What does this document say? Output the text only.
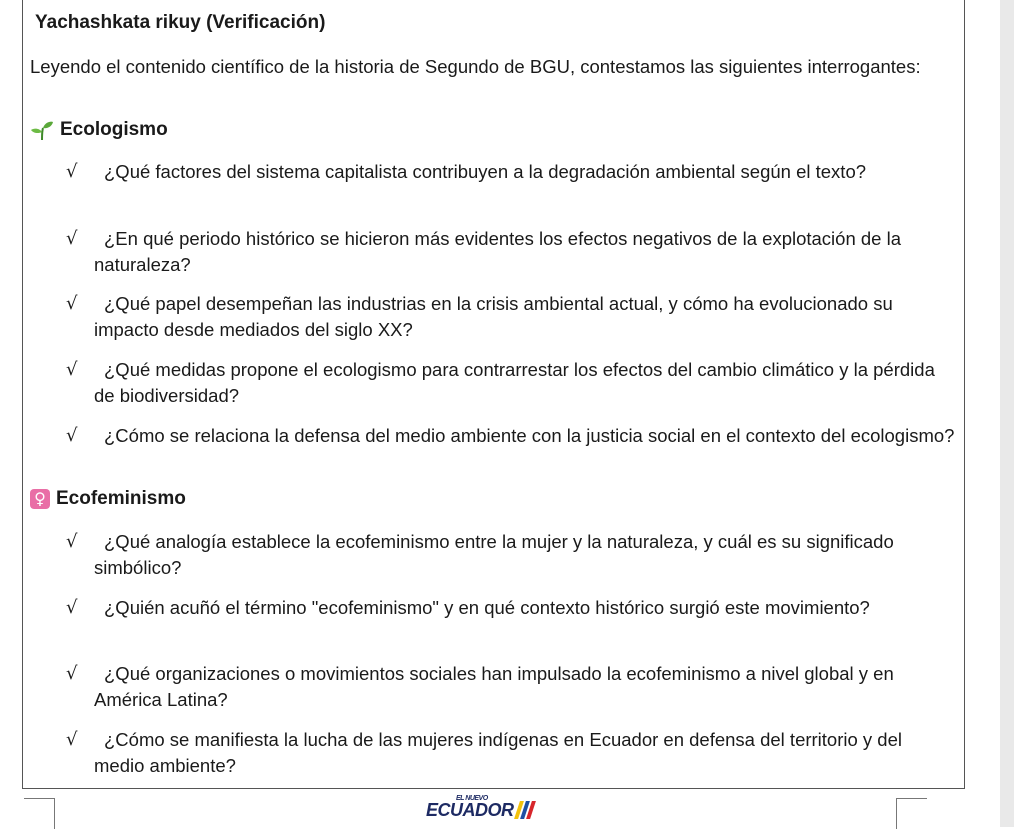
Yachashkata rikuy (Verificación)
Leyendo el contenido científico de la historia de Segundo de BGU, contestamos las siguientes interrogantes:
Ecologismo
√	¿Qué factores del sistema capitalista contribuyen a la degradación ambiental según el texto?
√	¿En qué periodo histórico se hicieron más evidentes los efectos negativos de la explotación de la naturaleza?
√	¿Qué papel desempeñan las industrias en la crisis ambiental actual, y cómo ha evolucionado su impacto desde mediados del siglo XX?
√	¿Qué medidas propone el ecologismo para contrarrestar los efectos del cambio climático y la pérdida de biodiversidad?
√	¿Cómo se relaciona la defensa del medio ambiente con la justicia social en el contexto del ecologismo?
♀ Ecofeminismo
√	¿Qué analogía establece la ecofeminismo entre la mujer y la naturaleza, y cuál es su significado simbólico?
√	¿Quién acuñó el término "ecofeminismo" y en qué contexto histórico surgió este movimiento?
√	¿Qué organizaciones o movimientos sociales han impulsado la ecofeminismo a nivel global y en América Latina?
√	¿Cómo se manifiesta la lucha de las mujeres indígenas en Ecuador en defensa del territorio y del medio ambiente?
EL NUEVO
ECUADOR
